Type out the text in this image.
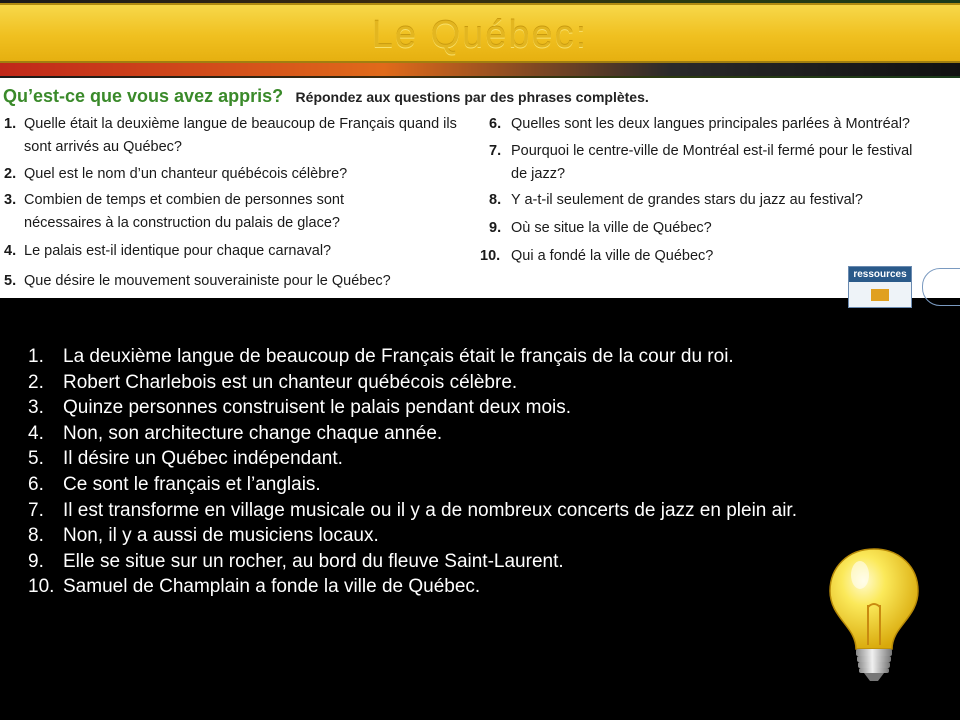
Le Québec:
Qu’est-ce que vous avez appris? Répondez aux questions par des phrases complètes.
1. Quelle était la deuxième langue de beaucoup de Français quand ils sont arrivés au Québec?
2. Quel est le nom d’un chanteur québécois célèbre?
3. Combien de temps et combien de personnes sont nécessaires à la construction du palais de glace?
4. Le palais est-il identique pour chaque carnaval?
5. Que désire le mouvement souverainiste pour le Québec?
6. Quelles sont les deux langues principales parlées à Montréal?
7. Pourquoi le centre-ville de Montréal est-il fermé pour le festival de jazz?
8. Y a-t-il seulement de grandes stars du jazz au festival?
9. Où se situe la ville de Québec?
10. Qui a fondé la ville de Québec?
ressources
1. La deuxième langue de beaucoup de Français était le français de la cour du roi.
2. Robert Charlebois est un chanteur québécois célèbre.
3. Quinze personnes construisent le palais pendant deux mois.
4. Non, son architecture change chaque année.
5. Il désire un Québec indépendant.
6. Ce sont le français et l’anglais.
7. Il est transforme en village musicale ou il y a de nombreux concerts de jazz en plein air.
8. Non, il y a aussi de musiciens locaux.
9. Elle se situe sur un rocher, au bord du fleuve Saint-Laurent.
10. Samuel de Champlain a fonde la ville de Québec.
